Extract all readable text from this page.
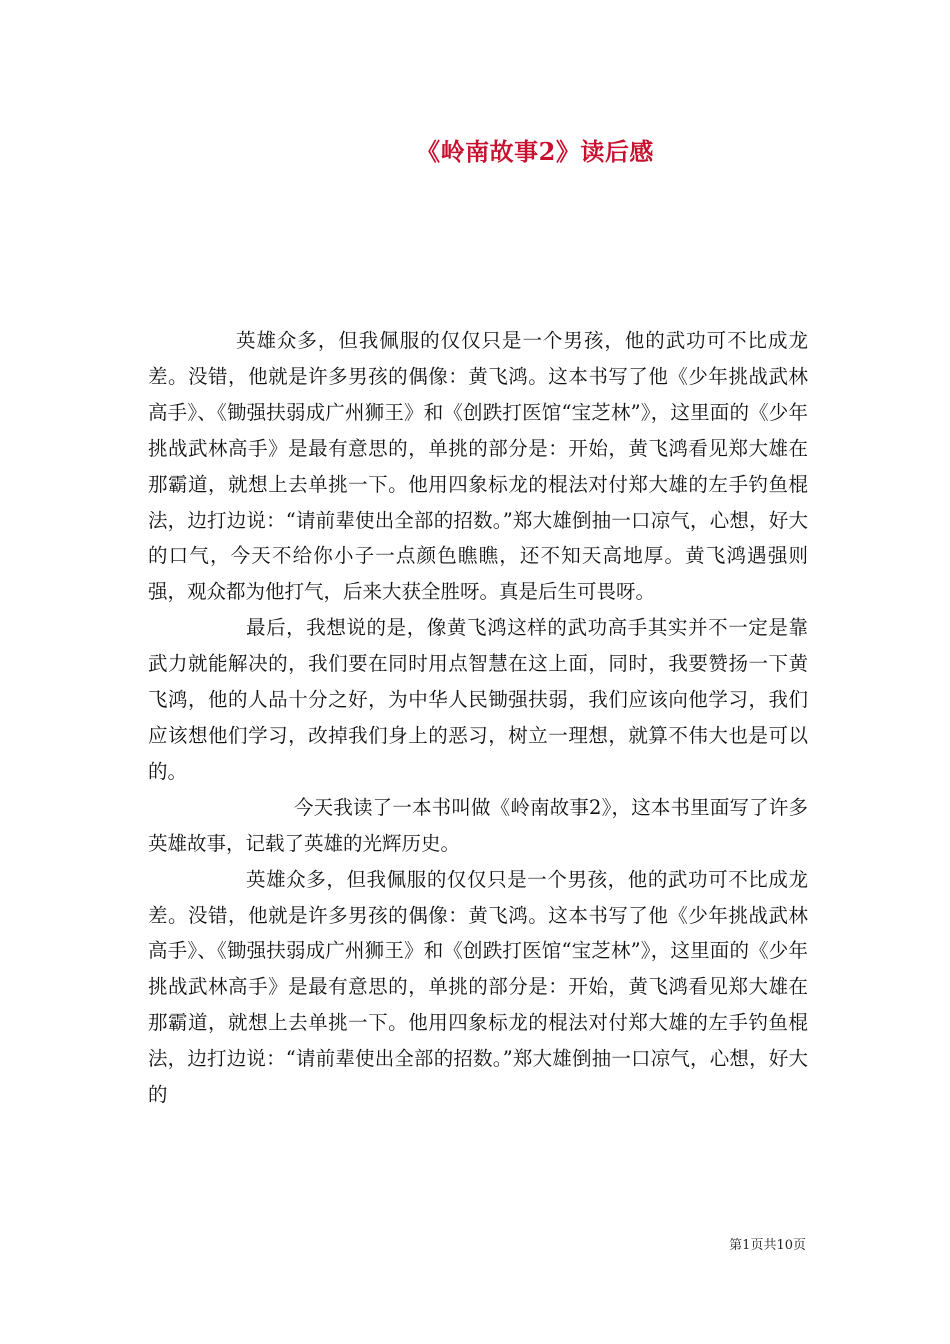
《岭南故事2》读后感

英雄众多，但我佩服的仅仅只是一个男孩，他的武功可不比成龙差。没错，他就是许多男孩的偶像：黄飞鸿。这本书写了他《少年挑战武林高手》、《锄强扶弱成广州狮王》和《创跌打医馆“宝芝林”》，这里面的《少年挑战武林高手》是最有意思的，单挑的部分是：开始，黄飞鸿看见郑大雄在那霸道，就想上去单挑一下。他用四象标龙的棍法对付郑大雄的左手钓鱼棍法，边打边说：“请前辈使出全部的招数。”郑大雄倒抽一口凉气，心想，好大的口气，今天不给你小子一点颜色瞧瞧，还不知天高地厚。黄飞鸿遇强则强，观众都为他打气，后来大获全胜呀。真是后生可畏呀。

最后，我想说的是，像黄飞鸿这样的武功高手其实并不一定是靠武力就能解决的，我们要在同时用点智慧在这上面，同时，我要赞扬一下黄飞鸿，他的人品十分之好，为中华人民锄强扶弱，我们应该向他学习，我们应该想他们学习，改掉我们身上的恶习，树立一理想，就算不伟大也是可以的。

今天我读了一本书叫做《岭南故事2》，这本书里面写了许多英雄故事，记载了英雄的光辉历史。

英雄众多，但我佩服的仅仅只是一个男孩，他的武功可不比成龙差。没错，他就是许多男孩的偶像：黄飞鸿。这本书写了他《少年挑战武林高手》、《锄强扶弱成广州狮王》和《创跌打医馆“宝芝林”》，这里面的《少年挑战武林高手》是最有意思的，单挑的部分是：开始，黄飞鸿看见郑大雄在那霸道，就想上去单挑一下。他用四象标龙的棍法对付郑大雄的左手钓鱼棍法，边打边说：“请前辈使出全部的招数。”郑大雄倒抽一口凉气，心想，好大的

第1页共10页
